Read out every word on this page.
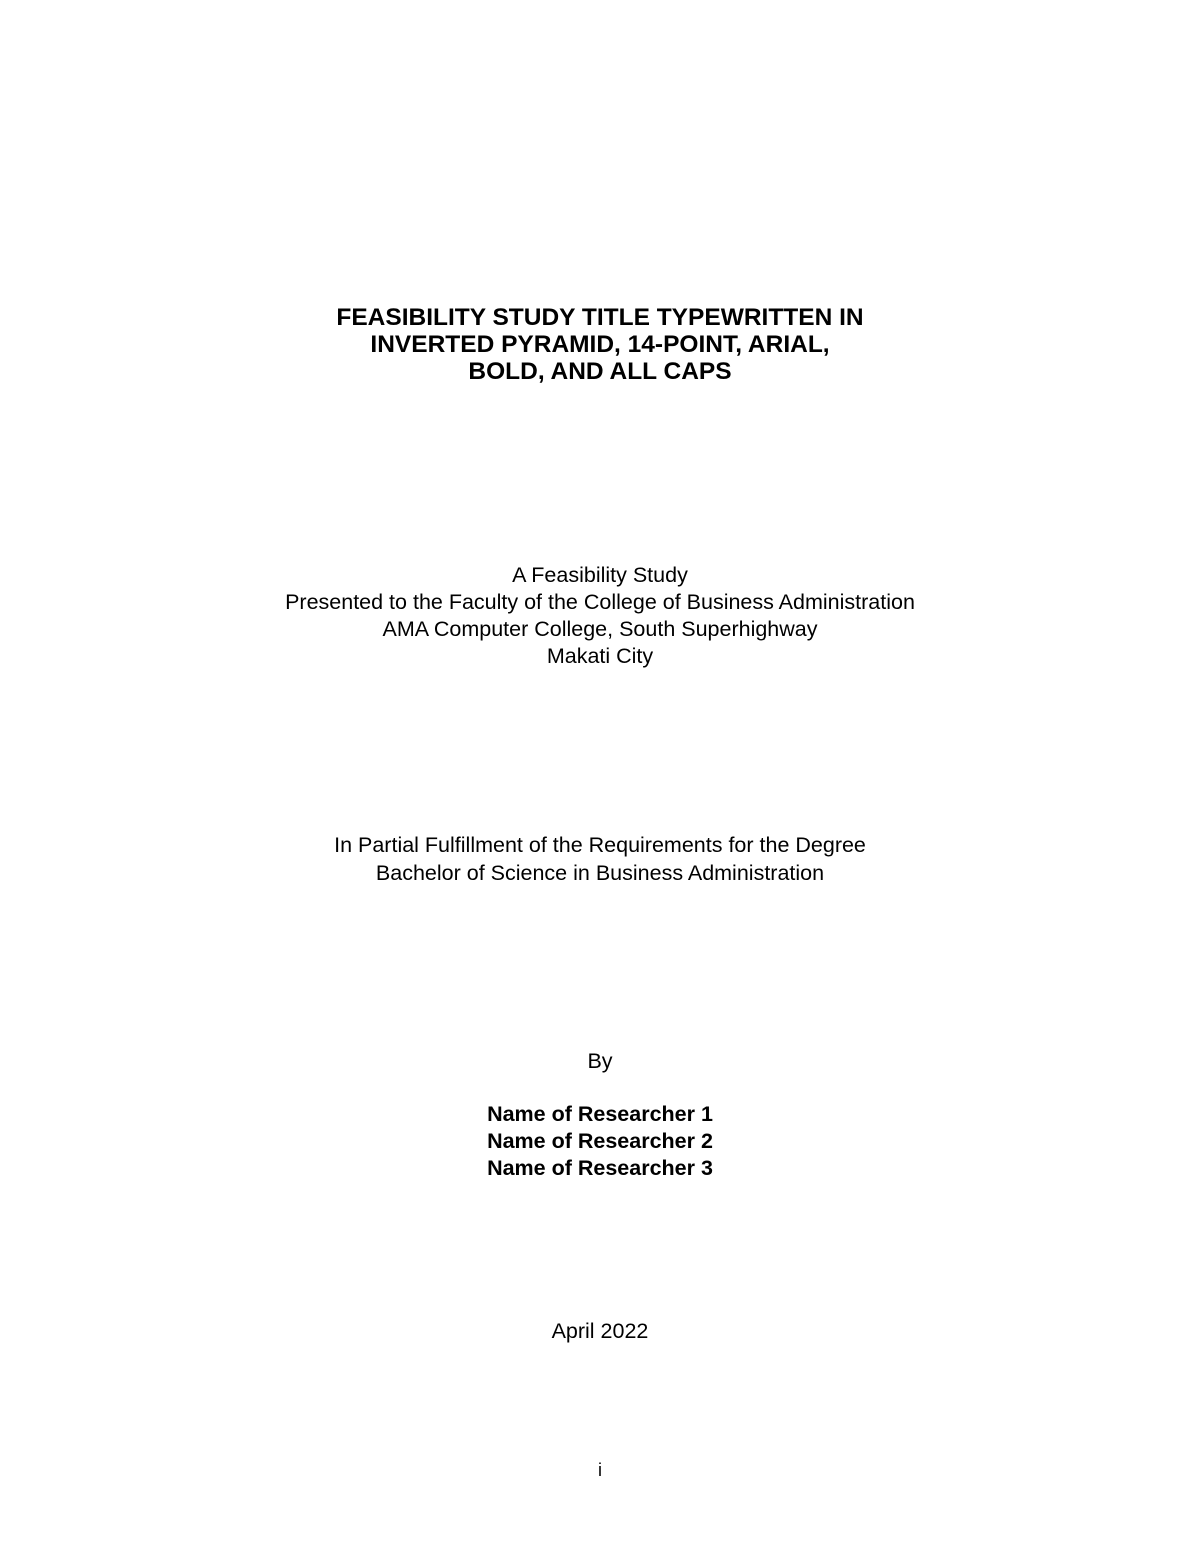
FEASIBILITY STUDY TITLE TYPEWRITTEN IN
INVERTED PYRAMID, 14-POINT, ARIAL,
BOLD, AND ALL CAPS
A Feasibility Study
Presented to the Faculty of the College of Business Administration
AMA Computer College, South Superhighway
Makati City
In Partial Fulfillment of the Requirements for the Degree
Bachelor of Science in Business Administration
By
Name of Researcher 1
Name of Researcher 2
Name of Researcher 3
April 2022
i
